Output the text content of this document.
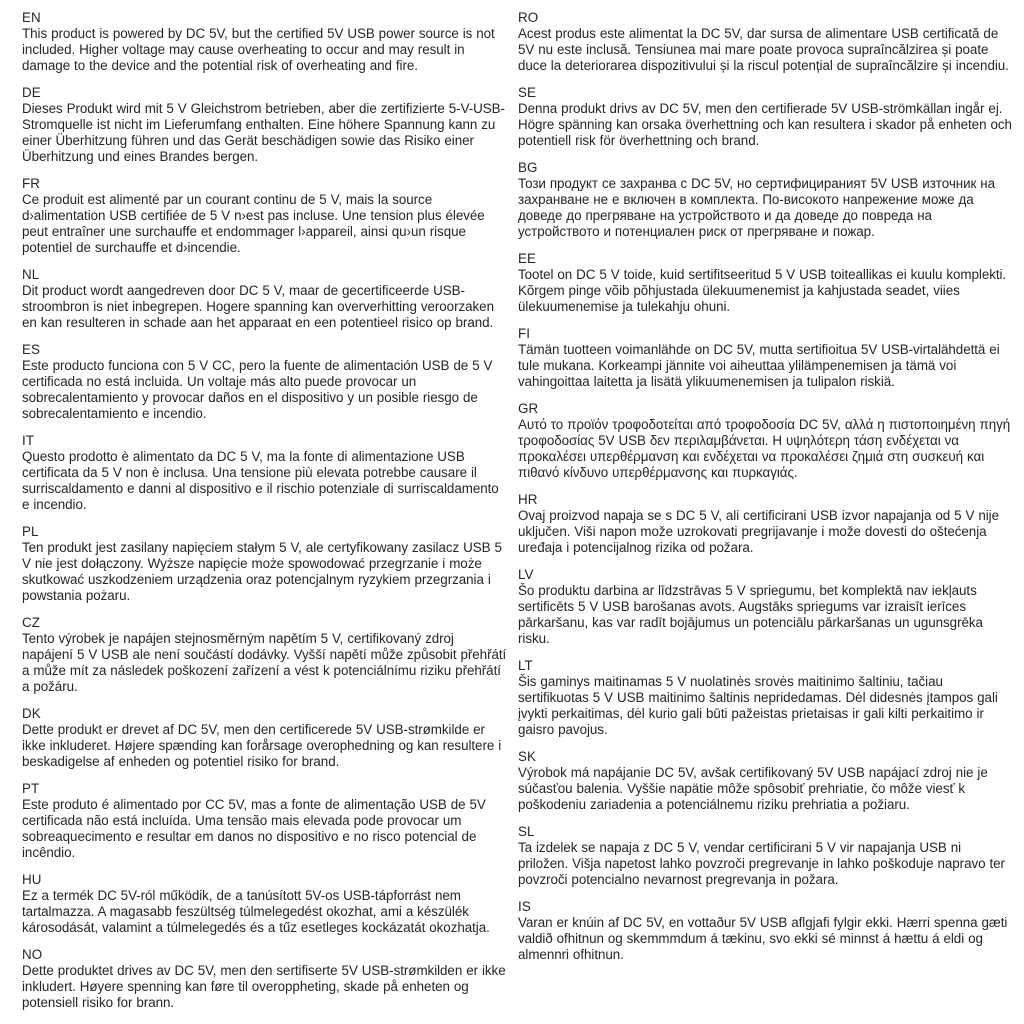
EN

This product is powered by DC 5V, but the certified 5V USB power source is not included. Higher voltage may cause overheating to occur and may result in damage to the device and the potential risk of overheating and fire.

DE

Dieses Produkt wird mit 5 V Gleichstrom betrieben, aber die zertifizierte 5-V-USB-Stromquelle ist nicht im Lieferumfang enthalten. Eine höhere Spannung kann zu einer Überhitzung führen und das Gerät beschädigen sowie das Risiko einer Überhitzung und eines Brandes bergen.

FR

Ce produit est alimenté par un courant continu de 5 V, mais la source d›alimentation USB certifiée de 5 V n›est pas incluse. Une tension plus élevée peut entraîner une surchauffe et endommager l›appareil, ainsi qu›un risque potentiel de surchauffe et d›incendie.

NL

Dit product wordt aangedreven door DC 5 V, maar de gecertificeerde USB-stroombron is niet inbegrepen. Hogere spanning kan oververhitting veroorzaken en kan resulteren in schade aan het apparaat en een potentieel risico op brand.

ES

Este producto funciona con 5 V CC, pero la fuente de alimentación USB de 5 V certificada no está incluida. Un voltaje más alto puede provocar un sobrecalentamiento y provocar daños en el dispositivo y un posible riesgo de sobrecalentamiento e incendio.

IT

Questo prodotto è alimentato da DC 5 V, ma la fonte di alimentazione USB certificata da 5 V non è inclusa. Una tensione più elevata potrebbe causare il surriscaldamento e danni al dispositivo e il rischio potenziale di surriscaldamento e incendio.

PL

Ten produkt jest zasilany napięciem stałym 5 V, ale certyfikowany zasilacz USB 5 V nie jest dołączony. Wyższe napięcie może spowodować przegrzanie i może skutkować uszkodzeniem urządzenia oraz potencjalnym ryzykiem przegrzania i powstania pożaru.

CZ

Tento výrobek je napájen stejnosměrným napětím 5 V, certifikovaný zdroj napájení 5 V USB ale není součástí dodávky. Vyšší napětí může způsobit přehřátí a může mít za následek poškození zařízení a vést k potenciálnímu riziku přehřátí a požáru.

DK

Dette produkt er drevet af DC 5V, men den certificerede 5V USB-strømkilde er ikke inkluderet. Højere spænding kan forårsage overophedning og kan resultere i beskadigelse af enheden og potentiel risiko for brand.

PT

Este produto é alimentado por CC 5V, mas a fonte de alimentação USB de 5V certificada não está incluída. Uma tensão mais elevada pode provocar um sobreaquecimento e resultar em danos no dispositivo e no risco potencial de incêndio.

HU

Ez a termék DC 5V-ról működik, de a tanúsított 5V-os USB-tápforrást nem tartalmazza. A magasabb feszültség túlmelegedést okozhat, ami a készülék károsodását, valamint a túlmelegedés és a tűz esetleges kockázatát okozhatja.

NO

Dette produktet drives av DC 5V, men den sertifiserte 5V USB-strømkilden er ikke inkludert. Høyere spenning kan føre til overoppheting, skade på enheten og potensiell risiko for brann.

RO

Acest produs este alimentat la DC 5V, dar sursa de alimentare USB certificată de 5V nu este inclusă. Tensiunea mai mare poate provoca supraîncălzirea și poate duce la deteriorarea dispozitivului și la riscul potențial de supraîncălzire și incendiu.

SE

Denna produkt drivs av DC 5V, men den certifierade 5V USB-strömkällan ingår ej. Högre spänning kan orsaka överhettning och kan resultera i skador på enheten och potentiell risk för överhettning och brand.

BG

Този продукт се захранва с DC 5V, но сертифицираният 5V USB източник на захранване не е включен в комплекта. По-високото напрежение може да доведе до прегряване на устройството и да доведе до повреда на устройството и потенциален риск от прегряване и пожар.

EE

Tootel on DC 5 V toide, kuid sertifitseeritud 5 V USB toiteallikas ei kuulu komplekti. Kõrgem pinge võib põhjustada ülekuumenemist ja kahjustada seadet, viies ülekuumenemise ja tulekahju ohuni.

FI

Tämän tuotteen voimanlähde on DC 5V, mutta sertifioitua 5V USB-virtalähdettä ei tule mukana. Korkeampi jännite voi aiheuttaa ylilämpenemisen ja tämä voi vahingoittaa laitetta ja lisätä ylikuumenemisen ja tulipalon riskiä.

GR

Αυτό το προϊόν τροφοδοτείται από τροφοδοσία DC 5V, αλλά η πιστοποιημένη πηγή τροφοδοσίας 5V USB δεν περιλαμβάνεται. Η υψηλότερη τάση ενδέχεται να προκαλέσει υπερθέρμανση και ενδέχεται να προκαλέσει ζημιά στη συσκευή και πιθανό κίνδυνο υπερθέρμανσης και πυρκαγιάς.

HR

Ovaj proizvod napaja se s DC 5 V, ali certificirani USB izvor napajanja od 5 V nije uključen. Viši napon može uzrokovati pregrijavanje i može dovesti do oštećenja uređaja i potencijalnog rizika od požara.

LV

Šo produktu darbina ar līdzstrāvas 5 V spriegumu, bet komplektā nav iekļauts sertificēts 5 V USB barošanas avots. Augstāks spriegums var izraisīt ierīces pārkaršanu, kas var radīt bojājumus un potenciālu pārkaršanas un ugunsgrēka risku.

LT

Šis gaminys maitinamas 5 V nuolatinės srovės maitinimo šaltiniu, tačiau sertifikuotas 5 V USB maitinimo šaltinis nepridedamas. Dėl didesnės įtampos gali įvykti perkaitimas, dėl kurio gali būti pažeistas prietaisas ir gali kilti perkaitimo ir gaisro pavojus.

SK

Výrobok má napájanie DC 5V, avšak certifikovaný 5V USB napájací zdroj nie je súčasťou balenia. Vyššie napätie môže spôsobiť prehriatie, čo môže viesť k poškodeniu zariadenia a potenciálnemu riziku prehriatia a požiaru.

SL

Ta izdelek se napaja z DC 5 V, vendar certificirani 5 V vir napajanja USB ni priložen. Višja napetost lahko povzroči pregrevanje in lahko poškoduje napravo ter povzroči potencialno nevarnost pregrevanja in požara.

IS

Varan er knúin af DC 5V, en vottaður 5V USB aflgjafi fylgir ekki. Hærri spenna gæti valdið ofhitnun og skemmmdum á tækinu, svo ekki sé minnst á hættu á eldi og almennri ofhitnun.
